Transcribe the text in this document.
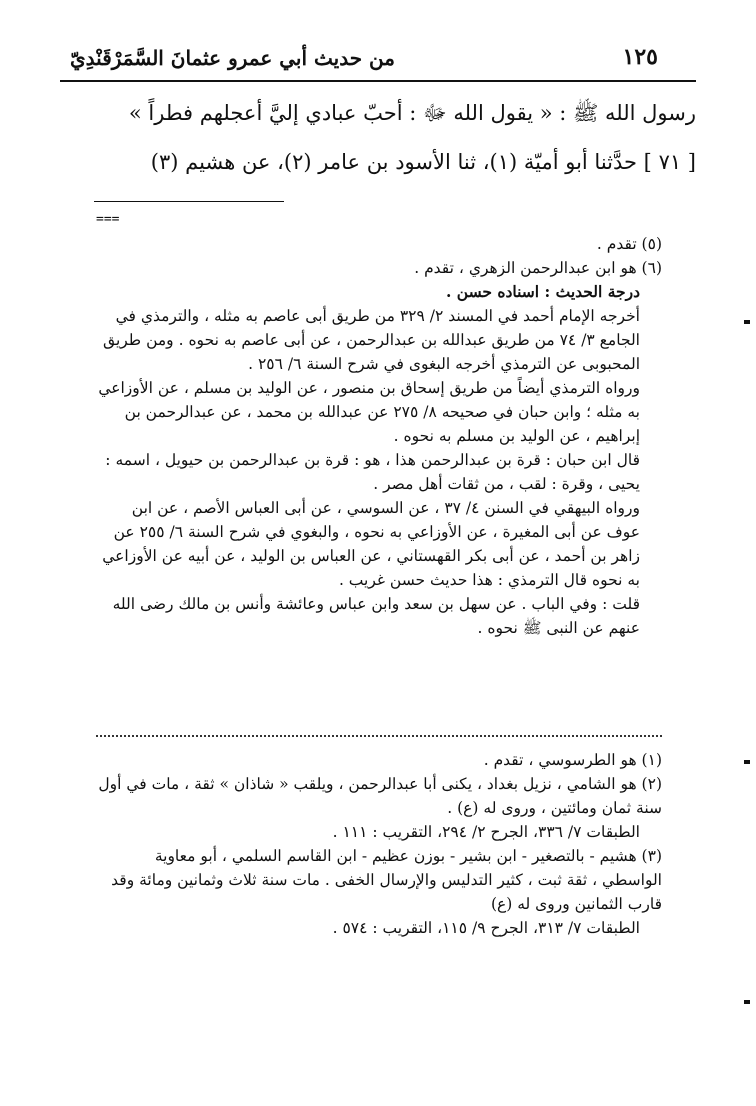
١٢٥
من حديث أبي عمرو عثمانَ السَّمَرْقَنْدِيّ
رسول الله ﷺ : « يقول الله ﷻ : أحبّ عبادي إليَّ أعجلهم فطراً »
[ ٧١ ] حدَّثنا أبو أميّة (١)، ثنا الأسود بن عامر (٢)، عن هشيم (٣)
===

(٥) تقدم .

(٦) هو ابن عبدالرحمن الزهري ، تقدم .

درجة الحديث : اسناده حسن .

أخرجه الإمام أحمد في المسند ٢/ ٣٢٩ من طريق أبى عاصم به مثله ، والترمذي في الجامع ٣/ ٧٤ من طريق عبدالله بن عبدالرحمن ، عن أبى عاصم به نحوه . ومن طريق المحبوبى عن الترمذي أخرجه البغوى في شرح السنة ٦/ ٢٥٦ .

ورواه الترمذي أيضاً من طريق إسحاق بن منصور ، عن الوليد بن مسلم ، عن الأوزاعي به مثله ؛ وابن حبان في صحيحه ٨/ ٢٧٥ عن عبدالله بن محمد ، عن عبدالرحمن بن إبراهيم ، عن الوليد بن مسلم به نحوه .

قال ابن حبان : قرة بن عبدالرحمن هذا ، هو : قرة بن عبدالرحمن بن حيويل ، اسمه : يحيى ، وقرة : لقب ، من ثقات أهل مصر .

ورواه البيهقي في السنن ٤/ ٣٧ ، عن السوسي ، عن أبى العباس الأصم ، عن ابن عوف عن أبى المغيرة ، عن الأوزاعي به نحوه ، والبغوي في شرح السنة ٦/ ٢٥٥ عن زاهر بن أحمد ، عن أبى بكر القهستاني ، عن العباس بن الوليد ، عن أبيه عن الأوزاعي به نحوه قال الترمذي : هذا حديث حسن غريب .

قلت : وفي الباب . عن سهل بن سعد وابن عباس وعائشة وأنس بن مالك رضى الله عنهم عن النبى ﷺ نحوه .

(١) هو الطرسوسي ، تقدم .

(٢) هو الشامي ، نزيل بغداد ، يكنى أبا عبدالرحمن ، ويلقب « شاذان » ثقة ، مات في أول سنة ثمان ومائتين ، وروى له (ع) .

الطبقات ٧/ ٣٣٦، الجرح ٢/ ٢٩٤، التقريب : ١١١ .

(٣) هشيم - بالتصغير - ابن بشير - بوزن عظيم - ابن القاسم السلمي ، أبو معاوية الواسطي ، ثقة ثبت ، كثير التدليس والإرسال الخفى . مات سنة ثلاث وثمانين ومائة وقد قارب الثمانين وروى له (ع)

الطبقات ٧/ ٣١٣، الجرح ٩/ ١١٥، التقريب : ٥٧٤ .
